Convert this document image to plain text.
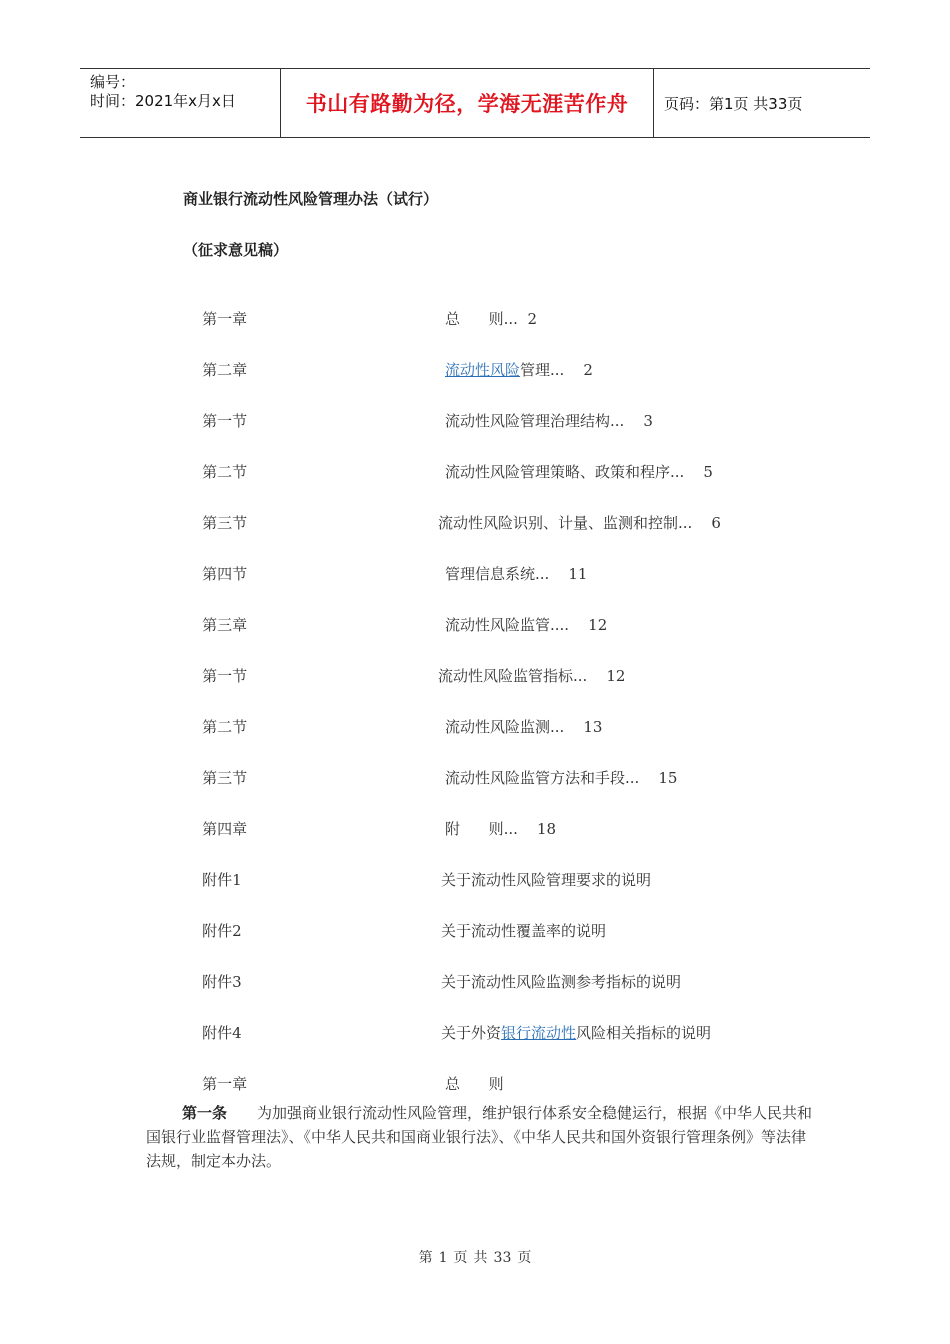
编号：
时间：2021年x月x日	书山有路勤为径，学海无涯苦作舟 页码：第1页 共33页
商业银行流动性风险管理办法（试行）
（征求意见稿）

第一章	总      则...  2

第二章	流动性风险管理...    2

第一节	流动性风险管理治理结构...    3

第二节	流动性风险管理策略、政策和程序...    5

第三节	流动性风险识别、计量、监测和控制...    6

第四节	管理信息系统...    11

第三章	流动性风险监管....    12

第一节	流动性风险监管指标...    12

第二节	流动性风险监测...    13

第三节	流动性风险监管方法和手段...    15

第四章	附      则...    18

附件1	关于流动性风险管理要求的说明

附件2	关于流动性覆盖率的说明

附件3	关于流动性风险监测参考指标的说明

附件4	关于外资银行流动性风险相关指标的说明

第一章	总      则

第一条 为加强商业银行流动性风险管理，维护银行体系安全稳健运行，根据《中华人民共和国银行业监督管理法》、《中华人民共和国商业银行法》、《中华人民共和国外资银行管理条例》等法律法规，制定本办法。
第 1 页 共 33 页
